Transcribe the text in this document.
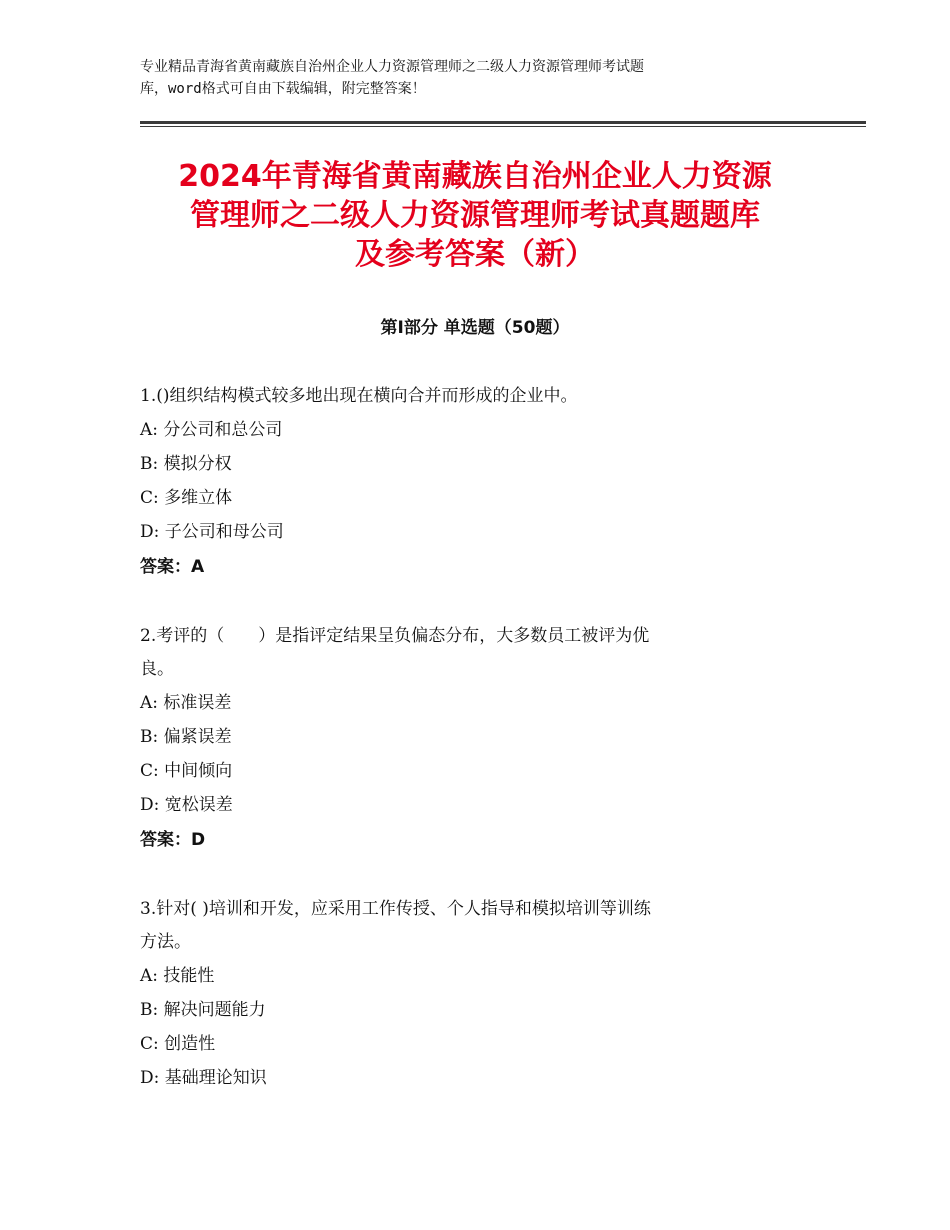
专业精品青海省黄南藏族自治州企业人力资源管理师之二级人力资源管理师考试题
库，word格式可自由下载编辑，附完整答案！
2024年青海省黄南藏族自治州企业人力资源
管理师之二级人力资源管理师考试真题题库
及参考答案（新）
第Ⅰ部分 单选题（50题）
1.()组织结构模式较多地出现在横向合并而形成的企业中。
A: 分公司和总公司
B: 模拟分权
C: 多维立体
D: 子公司和母公司
答案：A
2.考评的（　　）是指评定结果呈负偏态分布，大多数员工被评为优
良。
A: 标准误差
B: 偏紧误差
C: 中间倾向
D: 宽松误差
答案：D
3.针对( )培训和开发，应采用工作传授、个人指导和模拟培训等训练
方法。
A: 技能性
B: 解决问题能力
C: 创造性
D: 基础理论知识
